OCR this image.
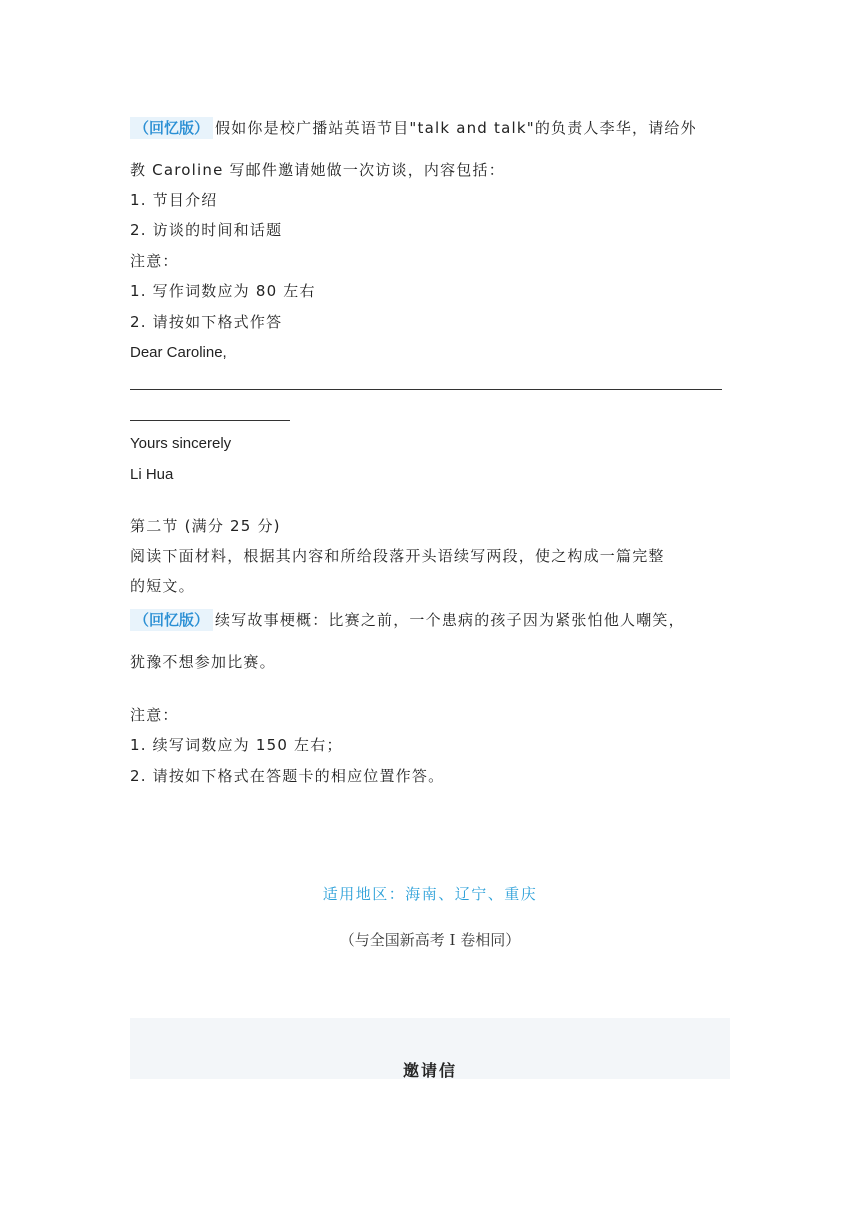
（回忆版） 假如你是校广播站英语节目"talk and talk"的负责人李华，请给外
教 Caroline 写邮件邀请她做一次访谈，内容包括：
1. 节目介绍
2. 访谈的时间和话题
注意：
1. 写作词数应为 80 左右
2. 请按如下格式作答
Dear Caroline,
Yours sincerely
Li Hua
第二节 (满分 25 分)
阅读下面材料，根据其内容和所给段落开头语续写两段，使之构成一篇完整
的短文。
（回忆版） 续写故事梗概：比赛之前，一个患病的孩子因为紧张怕他人嘲笑，
犹豫不想参加比赛。
注意：
1. 续写词数应为 150 左右；
2. 请按如下格式在答题卡的相应位置作答。
适用地区：海南、辽宁、重庆
（与全国新高考 I 卷相同）
邀请信
